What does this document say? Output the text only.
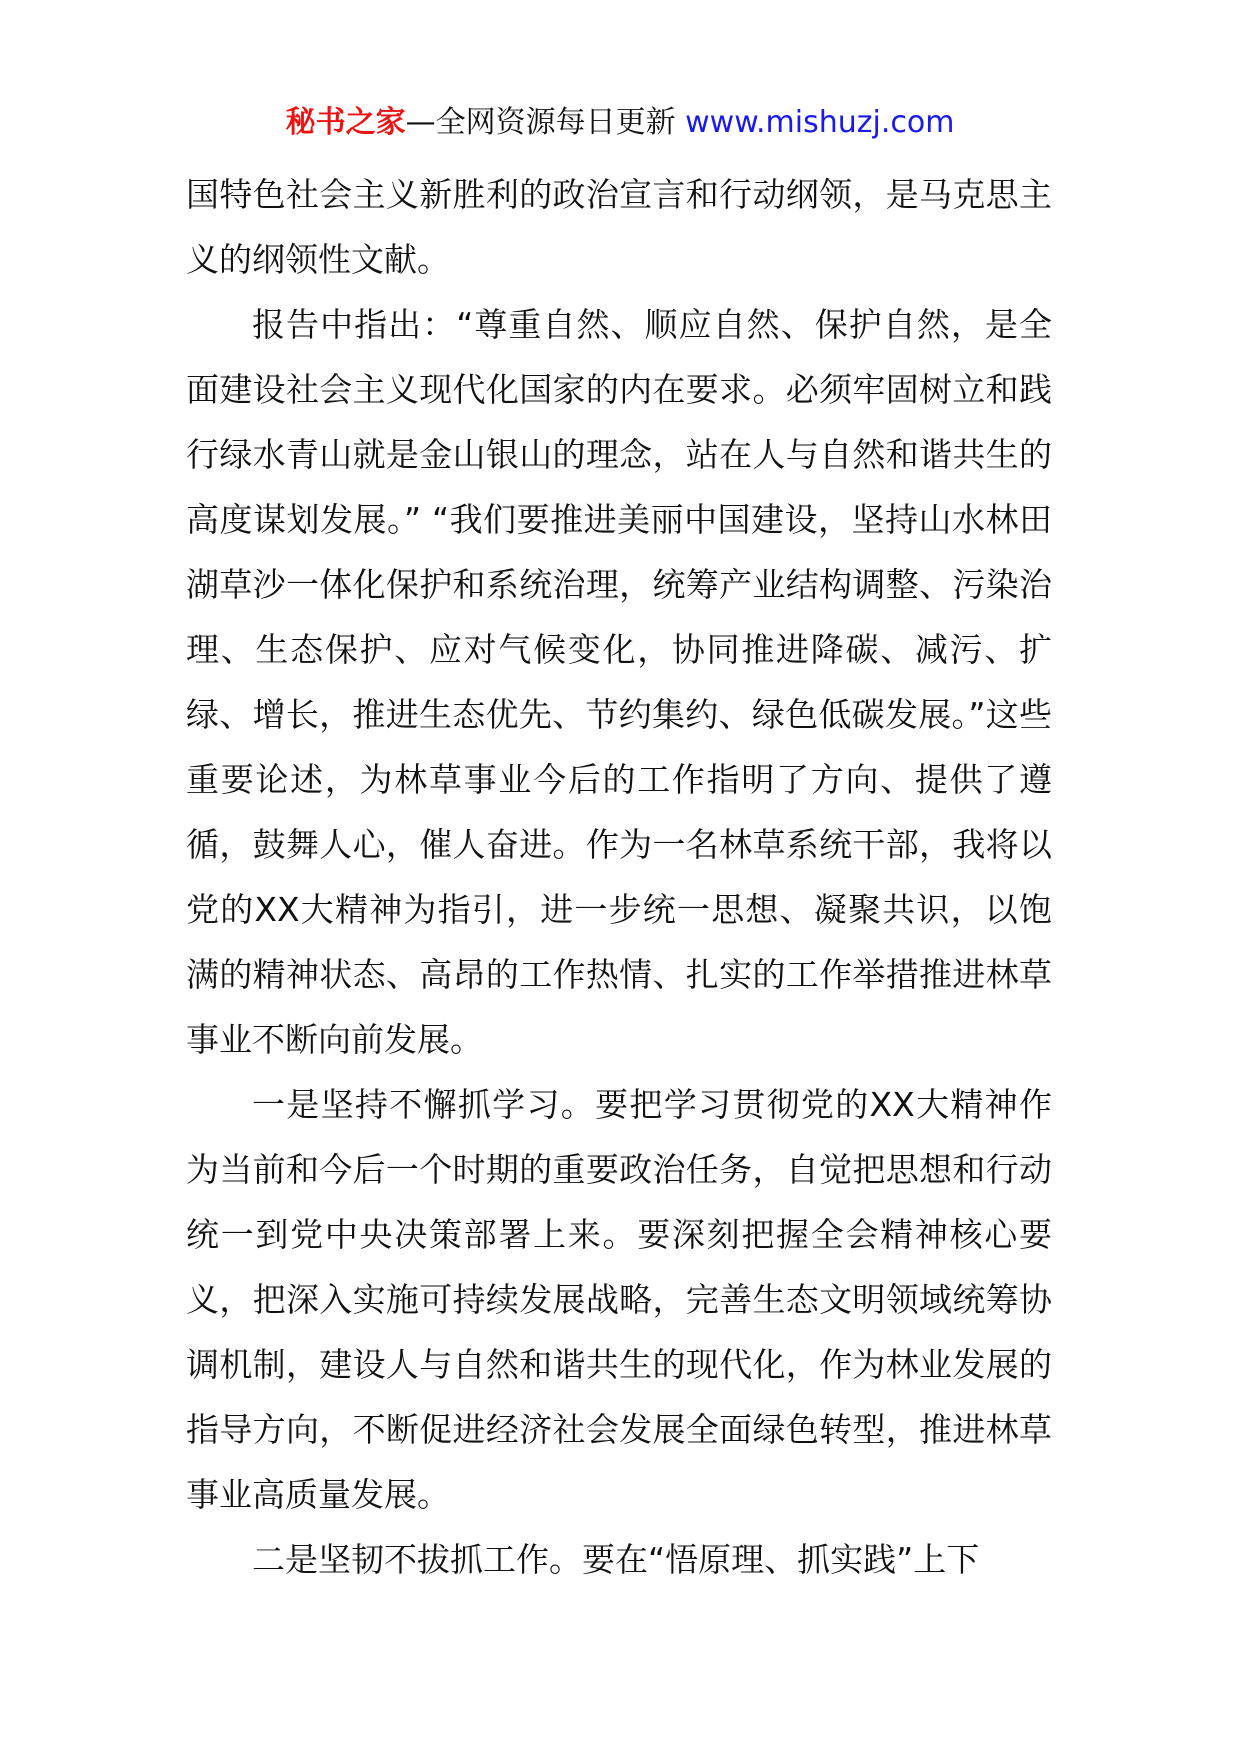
秘书之家—全网资源每日更新 www.mishuzj.com

国特色社会主义新胜利的政治宣言和行动纲领，是马克思主义的纲领性文献。

报告中指出：“尊重自然、顺应自然、保护自然，是全面建设社会主义现代化国家的内在要求。必须牢固树立和践行绿水青山就是金山银山的理念，站在人与自然和谐共生的高度谋划发展。” “我们要推进美丽中国建设，坚持山水林田湖草沙一体化保护和系统治理，统筹产业结构调整、污染治理、生态保护、应对气候变化，协同推进降碳、减污、扩绿、增长，推进生态优先、节约集约、绿色低碳发展。”这些重要论述，为林草事业今后的工作指明了方向、提供了遵循，鼓舞人心，催人奋进。作为一名林草系统干部，我将以党的XX大精神为指引，进一步统一思想、凝聚共识，以饱满的精神状态、高昂的工作热情、扎实的工作举措推进林草事业不断向前发展。

一是坚持不懈抓学习。要把学习贯彻党的XX大精神作为当前和今后一个时期的重要政治任务，自觉把思想和行动统一到党中央决策部署上来。要深刻把握全会精神核心要义，把深入实施可持续发展战略，完善生态文明领域统筹协调机制，建设人与自然和谐共生的现代化，作为林业发展的指导方向，不断促进经济社会发展全面绿色转型，推进林草事业高质量发展。

二是坚韧不拔抓工作。要在“悟原理、抓实践”上下
